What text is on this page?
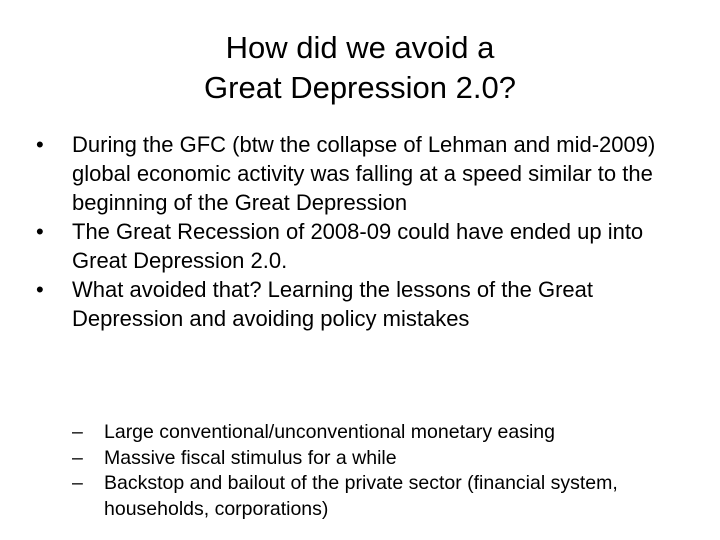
How did we avoid a
Great Depression 2.0?
•	During the GFC (btw the collapse of Lehman and mid-2009) global economic activity was falling at a speed similar to the beginning of the Great Depression
•	The Great Recession of 2008-09 could have ended up into Great Depression 2.0.
•	What avoided that? Learning the lessons of the Great Depression and avoiding policy mistakes
–	Large conventional/unconventional monetary easing
–	Massive fiscal stimulus for a while
–	Backstop and bailout of the private sector (financial system, households, corporations)
